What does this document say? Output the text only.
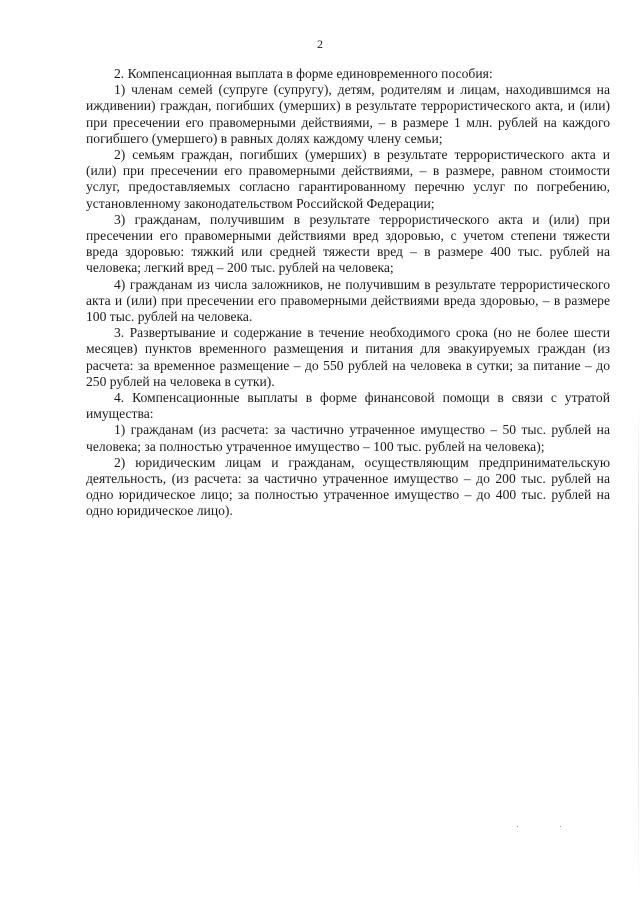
2

2. Компенсационная выплата в форме единовременного пособия:

1) членам семей (супруге (супругу), детям, родителям и лицам, находившимся на иждивении) граждан, погибших (умерших) в результате террористического акта, и (или) при пресечении его правомерными действиями, – в размере 1 млн. рублей на каждого погибшего (умершего) в равных долях каждому члену семьи;

2) семьям граждан, погибших (умерших) в результате террористического акта и (или) при пресечении его правомерными действиями, – в размере, равном стоимости услуг, предоставляемых согласно гарантированному перечню услуг по погребению, установленному законодательством Российской Федерации;

3) гражданам, получившим в результате террористического акта и (или) при пресечении его правомерными действиями вред здоровью, с учетом степени тяжести вреда здоровью: тяжкий или средней тяжести вред – в размере 400 тыс. рублей на человека; легкий вред – 200 тыс. рублей на человека;

4) гражданам из числа заложников, не получившим в результате террористического акта и (или) при пресечении его правомерными действиями вреда здоровью, – в размере 100 тыс. рублей на человека.

3. Развертывание и содержание в течение необходимого срока (но не более шести месяцев) пунктов временного размещения и питания для эвакуируемых граждан (из расчета: за временное размещение – до 550 рублей на человека в сутки; за питание – до 250 рублей на человека в сутки).

4. Компенсационные выплаты в форме финансовой помощи в связи с утратой имущества:

1) гражданам (из расчета: за частично утраченное имущество – 50 тыс. рублей на человека; за полностью утраченное имущество – 100 тыс. рублей на человека);

2) юридическим лицам и гражданам, осуществляющим предпринимательскую деятельность, (из расчета: за частично утраченное имущество – до 200 тыс. рублей на одно юридическое лицо; за полностью утраченное имущество – до 400 тыс. рублей на одно юридическое лицо).
